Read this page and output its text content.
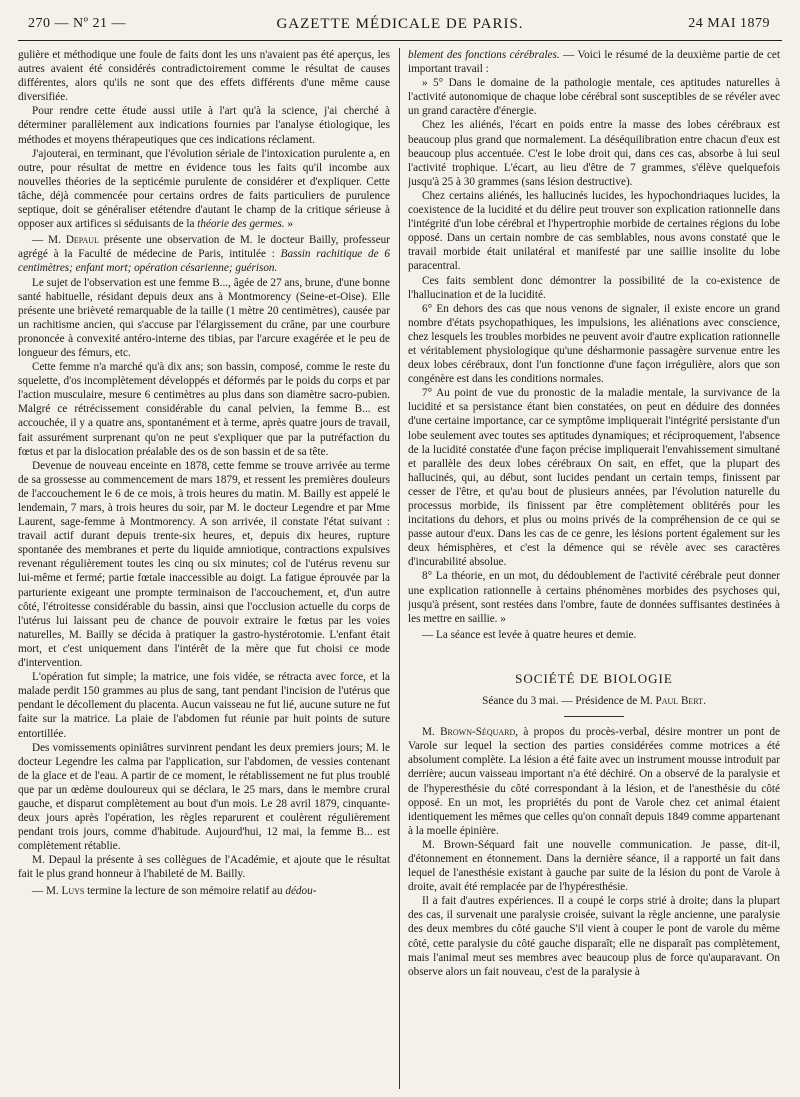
270 — Nº 21 —	GAZETTE MÉDICALE DE PARIS.	24 MAI 1879

gulière et méthodique une foule de faits dont les uns n'avaient pas été aperçus, les autres avaient été considérés contradictoirement comme le résultat de causes différentes, alors qu'ils ne sont que des effets différents d'une même cause diversifiée.

Pour rendre cette étude aussi utile à l'art qu'à la science, j'ai cherché à déterminer parallèlement aux indications fournies par l'analyse étiologique, les méthodes et moyens thérapeutiques que ces indications réclament.

J'ajouterai, en terminant, que l'évolution sériale de l'intoxication purulente a, en outre, pour résultat de mettre en évidence tous les faits qu'il incombe aux nouvelles théories de la septicémie purulente de considérer et d'expliquer. Cette tâche, déjà commencée pour certains ordres de faits particuliers de purulence septique, doit se généraliser etétendre d'autant le champ de la critique sérieuse à opposer aux artifices si séduisants de la théorie des germes. »

— M. Depaul présente une observation de M. le docteur Bailly, professeur agrégé à la Faculté de médecine de Paris, intitulée : Bassin rachitique de 6 centimètres; enfant mort; opération césarienne; guérison.

Le sujet de l'observation est une femme B..., âgée de 27 ans, brune, d'une bonne santé habituelle, résidant depuis deux ans à Montmorency (Seine-et-Oise). Elle présente une brièveté remarquable de la taille (1 mètre 20 centimètres), causée par un rachitisme ancien, qui s'accuse par l'élargissement du crâne, par une courbure prononcée à convexité antéro-interne des tibias, par l'arcure exagérée et le peu de longueur des fémurs, etc.

Cette femme n'a marché qu'à dix ans; son bassin, composé, comme le reste du squelette, d'os incomplètement développés et déformés par le poids du corps et par l'action musculaire, mesure 6 centimètres au plus dans son diamètre sacro-pubien. Malgré ce rétrécissement considérable du canal pelvien, la femme B... est accouchée, il y a quatre ans, spontanément et à terme, après quatre jours de travail, fait assurément surprenant qu'on ne peut s'expliquer que par la putréfaction du fœtus et par la dislocation préalable des os de son bassin et de sa tête.

Devenue de nouveau enceinte en 1878, cette femme se trouve arrivée au terme de sa grossesse au commencement de mars 1879, et ressent les premières douleurs de l'accouchement le 6 de ce mois, à trois heures du matin. M. Bailly est appelé le lendemain, 7 mars, à trois heures du soir, par M. le docteur Legendre et par Mme Laurent, sage-femme à Montmorency. A son arrivée, il constate l'état suivant : travail actif durant depuis trente-six heures, et, depuis dix heures, rupture spontanée des membranes et perte du liquide amniotique, contractions expulsives revenant régulièrement toutes les cinq ou six minutes; col de l'utérus revenu sur lui-même et fermé; partie fœtale inaccessible au doigt. La fatigue éprouvée par la parturiente exigeant une prompte terminaison de l'accouchement, et, d'un autre côté, l'étroitesse considérable du bassin, ainsi que l'occlusion actuelle du corps de l'utérus lui laissant peu de chance de pouvoir extraire le fœtus par les voies naturelles, M. Bailly se décida à pratiquer la gastro-hystérotomie. L'enfant était mort, et c'est uniquement dans l'intérêt de la mère que fut choisi ce mode d'intervention.

L'opération fut simple; la matrice, une fois vidée, se rétracta avec force, et la malade perdit 150 grammes au plus de sang, tant pendant l'incision de l'utérus que pendant le décollement du placenta. Aucun vaisseau ne fut lié, aucune suture ne fut faite sur la matrice. La plaie de l'abdomen fut réunie par huit points de suture entortillée.

Des vomissements opiniâtres survinrent pendant les deux premiers jours; M. le docteur Legendre les calma par l'application, sur l'abdomen, de vessies contenant de la glace et de l'eau. A partir de ce moment, le rétablissement ne fut plus troublé que par un œdème douloureux qui se déclara, le 25 mars, dans le membre crural gauche, et disparut complètement au bout d'un mois. Le 28 avril 1879, cinquante-deux jours après l'opération, les règles reparurent et coulèrent régulièrement pendant trois jours, comme d'habitude. Aujourd'hui, 12 mai, la femme B... est complètement rétablie.

M. Depaul la présente à ses collègues de l'Académie, et ajoute que le résultat fait le plus grand honneur à l'habileté de M. Bailly.

— M. Luys termine la lecture de son mémoire relatif au dédou-

blement des fonctions cérébrales. — Voici le résumé de la deuxième partie de cet important travail :

» 5° Dans le domaine de la pathologie mentale, ces aptitudes naturelles à l'activité autonomique de chaque lobe cérébral sont susceptibles de se révéler avec un grand caractère d'énergie.

Chez les aliénés, l'écart en poids entre la masse des lobes cérébraux est beaucoup plus grand que normalement. La déséquilibration entre chacun d'eux est beaucoup plus accentuée. C'est le lobe droit qui, dans ces cas, absorbe à lui seul l'activité trophique. L'écart, au lieu d'être de 7 grammes, s'élève quelquefois jusqu'à 25 à 30 grammes (sans lésion destructive).

Chez certains aliénés, les hallucinés lucides, les hypochondriaques lucides, la coexistence de la lucidité et du délire peut trouver son explication rationnelle dans l'intégrité d'un lobe cérébral et l'hypertrophie morbide de certaines régions du lobe opposé. Dans un certain nombre de cas semblables, nous avons constaté que le travail morbide était unilatéral et manifesté par une saillie insolite du lobe paracentral.

Ces faits semblent donc démontrer la possibilité de la co-existence de l'hallucination et de la lucidité.

6° En dehors des cas que nous venons de signaler, il existe encore un grand nombre d'états psychopathiques, les impulsions, les aliénations avec conscience, chez lesquels les troubles morbides ne peuvent avoir d'autre explication rationnelle et véritablement physiologique qu'une désharmonie passagère survenue entre les deux lobes cérébraux, dont l'un fonctionne d'une façon irrégulière, alors que son congénère est dans les conditions normales.

7° Au point de vue du pronostic de la maladie mentale, la survivance de la lucidité et sa persistance étant bien constatées, on peut en déduire des données d'une certaine importance, car ce symptôme impliquerait l'intégrité persistante d'un lobe seulement avec toutes ses aptitudes dynamiques; et réciproquement, l'absence de la lucidité constatée d'une façon précise impliquerait l'envahissement simultané et parallèle des deux lobes cérébraux On sait, en effet, que la plupart des hallucinés, qui, au début, sont lucides pendant un certain temps, finissent par cesser de l'être, et qu'au bout de plusieurs années, par l'évolution naturelle du processus morbide, ils finissent par être complètement oblitérés pour les incitations du dehors, et plus ou moins privés de la compréhension de ce qui se passe autour d'eux. Dans les cas de ce genre, les lésions portent également sur les deux hémisphères, et c'est la démence qui se révèle avec ses caractères d'incurabilité absolue.

8° La théorie, en un mot, du dédoublement de l'activité cérébrale peut donner une explication rationnelle à certains phénomènes morbides des psychoses qui, jusqu'à présent, sont restées dans l'ombre, faute de données suffisantes destinées à les mettre en saillie. »

— La séance est levée à quatre heures et demie.

SOCIÉTÉ DE BIOLOGIE
Séance du 3 mai. — Présidence de M. Paul Bert.

M. Brown-Séquard, à propos du procès-verbal, désire montrer un pont de Varole sur lequel la section des parties considérées comme motrices a été absolument complète. La lésion a été faite avec un instrument mousse introduit par derrière; aucun vaisseau important n'a été déchiré. On a observé de la paralysie et de l'hyperesthésie du côté correspondant à la lésion, et de l'anesthésie du côté opposé. En un mot, les propriétés du pont de Varole chez cet animal étaient identiquement les mêmes que celles qu'on connaît depuis 1849 comme appartenant à la moelle épinière.

M. Brown-Séquard fait une nouvelle communication. Je passe, dit-il, d'étonnement en étonnement. Dans la dernière séance, il a rapporté un fait dans lequel de l'anesthésie existant à gauche par suite de la lésion du pont de Varole à droite, avait été remplacée par de l'hypéresthésie.

Il a fait d'autres expériences. Il a coupé le corps strié à droite; dans la plupart des cas, il survenait une paralysie croisée, suivant la règle ancienne, une paralysie des deux membres du côté gauche S'il vient à couper le pont de varole du même côté, cette paralysie du côté gauche disparaît; elle ne disparaît pas complètement, mais l'animal meut ses membres avec beaucoup plus de force qu'auparavant. On observe alors un fait nouveau, c'est de la paralysie à
